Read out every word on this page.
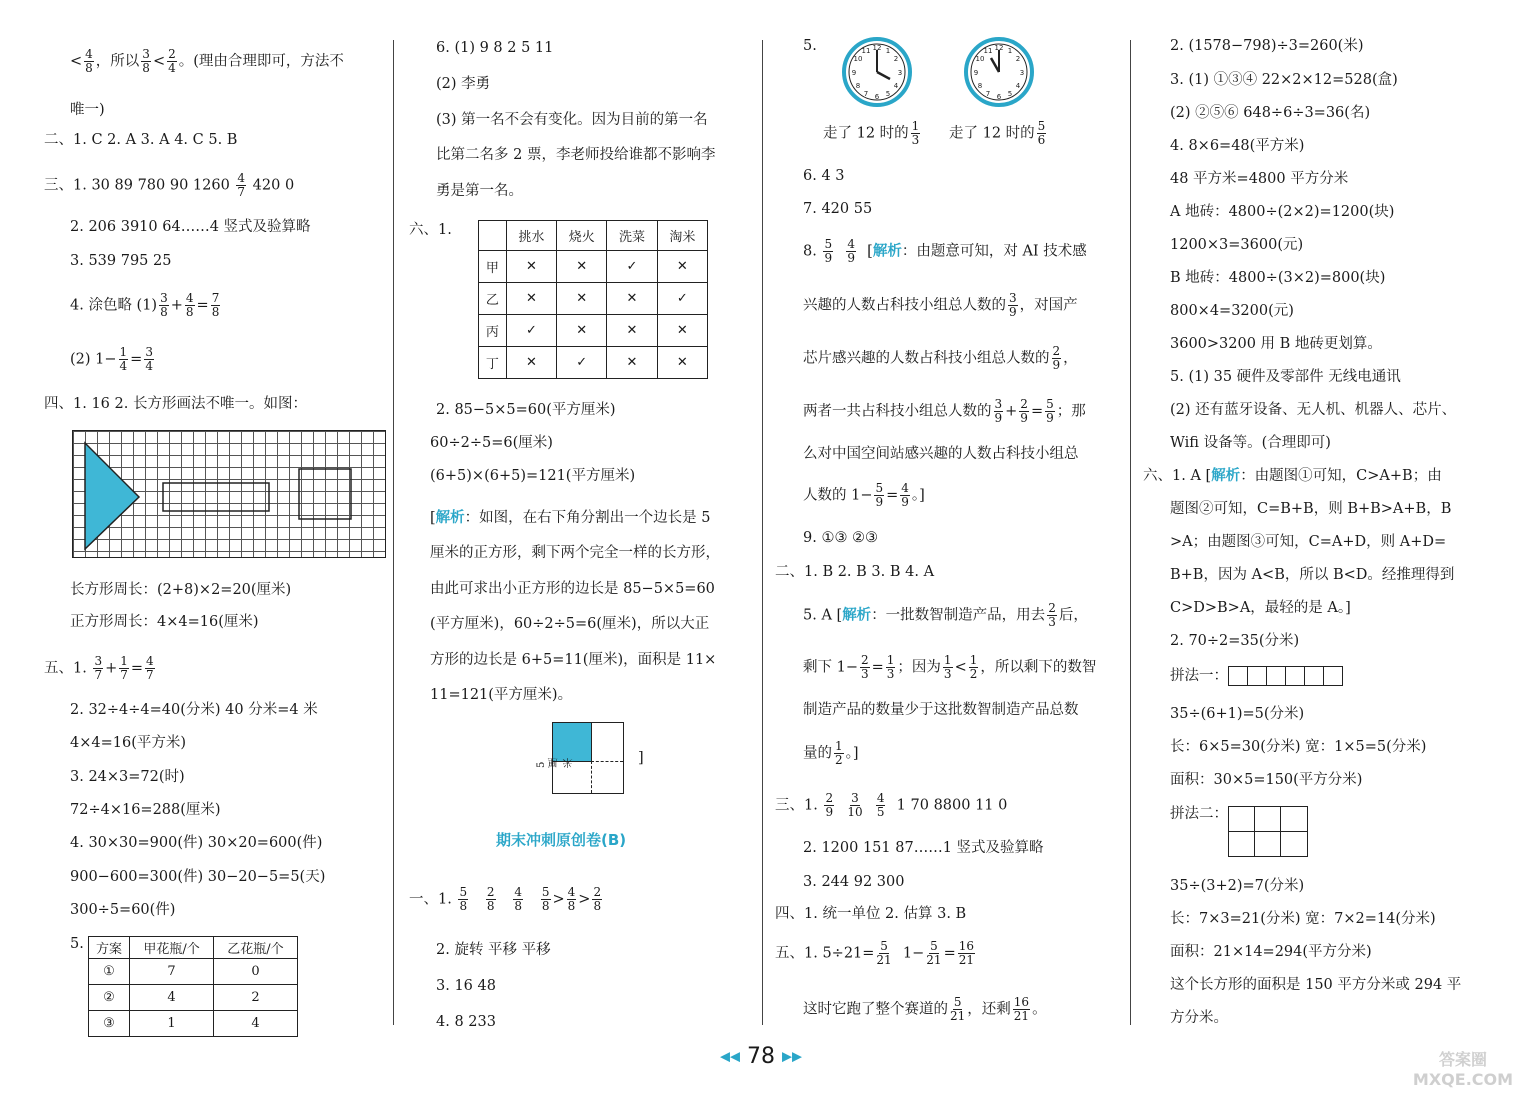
< $\frac{4}{8}$ ，所以 $\frac{3}{8} < \frac{2}{4}$ 。(理由合理即可，方法不
唯一)
二、1. C 2. A 3. A 4. C 5. B
三、1. 30 89 780 90 $1260 \frac{4}{7} 420$ 0
2. 206 3910 64……4 竖式及验算略
3. 539 795 25
4. 涂色略 $(1) \frac{3}{8} + \frac{4}{8} = \frac{7}{8}$
(2) $1- \frac{1}{4} = \frac{3}{4}$
四、1. 16 2. 长方形画法不唯一。如图：
长方形周长：(2+8)×2=20(厘米)
正方形周长：4×4=16(厘米)
五、1. $\frac{3}{7} + \frac{1}{7} = \frac{4}{7}$
2. 32÷4÷4=40(分米) 40 分米=4 米
4×4=16(平方米)
3. 24×3=72(时)
72÷4×16=288(厘米)
4. 30×30=900(件) 30×20=600(件)
900−600=300(件) 30−20−5=5(天)
300÷5=60(件)
5. 方案	甲花瓶/个	乙花瓶/个
①	7	0
②	4	2
③	1	4
6. (1) 9 8 2 5 11
(2) 李勇
(3) 第一名不会有变化。因为目前的第一名
比第二名多 2 票，李老师投给谁都不影响李
勇是第一名。
六、1.
		挑水	烧火	洗菜	淘米
甲	✕	✕	✓	✕
乙	✕	✕	✕	✓
丙	✓	✕	✕	✕
丁	✕	✓	✕	✕
2. 85−5×5=60(平方厘米)
60÷2÷5=6(厘米)
(6+5)×(6+5)=121(平方厘米)
[解析：如图，在右下角分割出一个边长是 5
厘米的正方形，剩下两个完全一样的长方形，
由此可求出小正方形的边长是 85−5×5=60
(平方厘米)，60÷2÷5=6(厘米)，所以大正
方形的边长是 6+5=11(厘米)，面积是 11×
11=121(平方厘米)。
5厘米	]
期末冲刺原创卷(B)
一、1. $\frac{5}{8}$
$\frac{2}{8}$
$\frac{4}{8}$
$\frac{5}{8} > \frac{4}{8} > \frac{2}{8}$
2. 旋转 平移 平移
3. 16 48
4. 8 233
5.	12 1
2
3
4
5
6
7
8
9
10
11	12 1
2
3
4
5
6
7
8
9
10
11
走了 12 时的 $\frac{1}{3}$ 走了 12 时的 $\frac{5}{6}$
6. 4 3
7. 420 55
8. $\frac{5}{9}$
$\frac{4}{9}$ [解析：由题意可知，对 AI 技术感
兴趣的人数占科技小组总人数的 $\frac{3}{9}$ ，对国产
芯片感兴趣的人数占科技小组总人数的 $\frac{2}{9}$ ，
两者一共占科技小组总人数的 $\frac{3}{9} + \frac{2}{9} = \frac{5}{9}$ ；那
么对中国空间站感兴趣的人数占科技小组总
人数的 $1- \frac{5}{9} = \frac{4}{9}$ 。]
9. ①③ ②③
二、1. B 2. B 3. B 4. A
5. A [解析：一批数智制造产品，用去 $\frac{2}{3}$ 后，
剩下 $1- \frac{2}{3} = \frac{1}{3}$ ；因为 $\frac{1}{3} < \frac{1}{2}$ ，所以剩下的数智
制造产品的数量少于这批数智制造产品总数
量的 $\frac{1}{2}$ 。]
三、1. $\frac{2}{9}$
$\frac{3}{10}$
$\frac{4}{5} 1$ 70 8800 11 0
2. 1200 151 87……1 竖式及验算略
3. 244 92 300
四、1. 统一单位 2. 估算 3. B
五、1. $5\div 21= \frac{5}{21} 1- \frac{5}{21} = \frac{16}{21}$
这时它跑了整个赛道的 $\frac{5}{21}$ ，还剩 $\frac{16}{21}$ 。
2. (1578−798)÷3=260(米)
3. (1) ①③④ 22×2×12=528(盒)
(2) ②⑤⑥ 648÷6÷3=36(名)
4. 8×6=48(平方米)
48 平方米=4800 平方分米
A 地砖：4800÷(2×2)=1200(块)
1200×3=3600(元)
B 地砖：4800÷(3×2)=800(块)
800×4=3200(元)
3600>3200 用 B 地砖更划算。
5. (1) 35 硬件及零部件 无线电通讯
(2) 还有蓝牙设备、无人机、机器人、芯片、
Wifi 设备等。(合理即可)
六、1. A [解析：由题图①可知，C>A+B；由
题图②可知，C=B+B，则 B+B>A+B，B
>A；由题图③可知，C=A+D，则 A+D=
B+B，因为 A<B，所以 B<D。经推理得到
C>D>B>A，最轻的是 A。]
2. 70÷2=35(分米)
拼法一：
35÷(6+1)=5(分米)
长：6×5=30(分米) 宽：1×5=5(分米)
面积：30×5=150(平方分米)
拼法二：
35÷(3+2)=7(分米)
长：7×3=21(分米) 宽：7×2=14(分米)
面积：21×14=294(平方分米)
这个长方形的面积是 150 平方分米或 294 平
方分米。
◀◀ 78 ▶▶	答案圈 MXQE.COM
